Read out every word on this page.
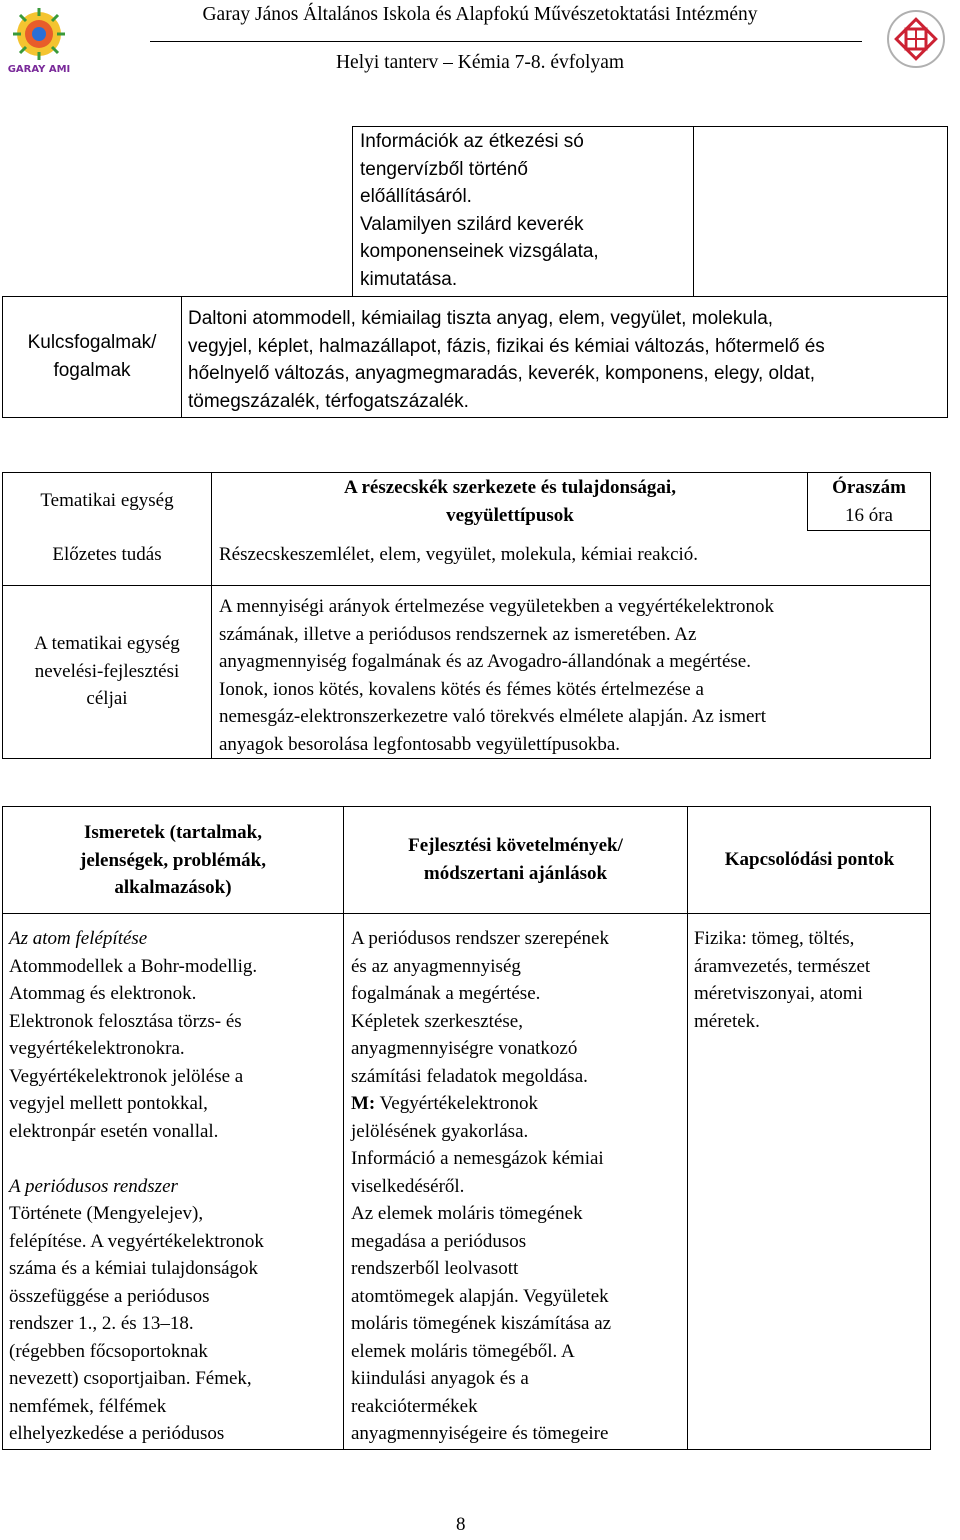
GARAY AMI
Garay János Általános Iskola és Alapfokú Művészetoktatási Intézmény
Helyi tanterv – Kémia 7-8. évfolyam
Információk az étkezési só
tengervízből történő
előállításáról.
Valamilyen szilárd keverék
komponenseinek vizsgálata,
kimutatása.
Kulcsfogalmak/
fogalmak
Daltoni atommodell, kémiailag tiszta anyag, elem, vegyület, molekula,
vegyjel, képlet, halmazállapot, fázis, fizikai és kémiai változás, hőtermelő és
hőelnyelő változás, anyagmegmaradás, keverék, komponens, elegy, oldat,
tömegszázalék, térfogatszázalék.
Tematikai egység
A részecskék szerkezete és tulajdonságai,
vegyülettípusok
Óraszám
16 óra
Előzetes tudás	Részecskeszemlélet, elem, vegyület, molekula, kémiai reakció.
A tematikai egység
nevelési-fejlesztési
céljai
A mennyiségi arányok értelmezése vegyületekben a vegyértékelektronok
számának, illetve a periódusos rendszernek az ismeretében. Az
anyagmennyiség fogalmának és az Avogadro-állandónak a megértése.
Ionok, ionos kötés, kovalens kötés és fémes kötés értelmezése a
nemesgáz-elektronszerkezetre való törekvés elmélete alapján. Az ismert
anyagok besorolása legfontosabb vegyülettípusokba.
Ismeretek (tartalmak,
jelenségek, problémák,
alkalmazások)
Fejlesztési követelmények/
módszertani ajánlások
Kapcsolódási pontok
Az atom felépítése
Atommodellek a Bohr-modellig.
Atommag és elektronok.
Elektronok felosztása törzs- és
vegyértékelektronokra.
Vegyértékelektronok jelölése a
vegyjel mellett pontokkal,
elektronpár esetén vonallal.
A periódusos rendszer
Története (Mengyelejev),
felépítése. A vegyértékelektronok
száma és a kémiai tulajdonságok
összefüggése a periódusos
rendszer 1., 2. és 13–18.
(régebben főcsoportoknak
nevezett) csoportjaiban. Fémek,
nemfémek, félfémek
elhelyezkedése a periódusos
A periódusos rendszer szerepének
és az anyagmennyiség
fogalmának a megértése.
Képletek szerkesztése,
anyagmennyiségre vonatkozó
számítási feladatok megoldása.
M: Vegyértékelektronok
jelölésének gyakorlása.
Információ a nemesgázok kémiai
viselkedéséről.
Az elemek moláris tömegének
megadása a periódusos
rendszerből leolvasott
atomtömegek alapján. Vegyületek
moláris tömegének kiszámítása az
elemek moláris tömegéből. A
kiindulási anyagok és a
reakciótermékek
anyagmennyiségeire és tömegeire
Fizika: tömeg, töltés,
áramvezetés, természet
méretviszonyai, atomi
méretek.
8
